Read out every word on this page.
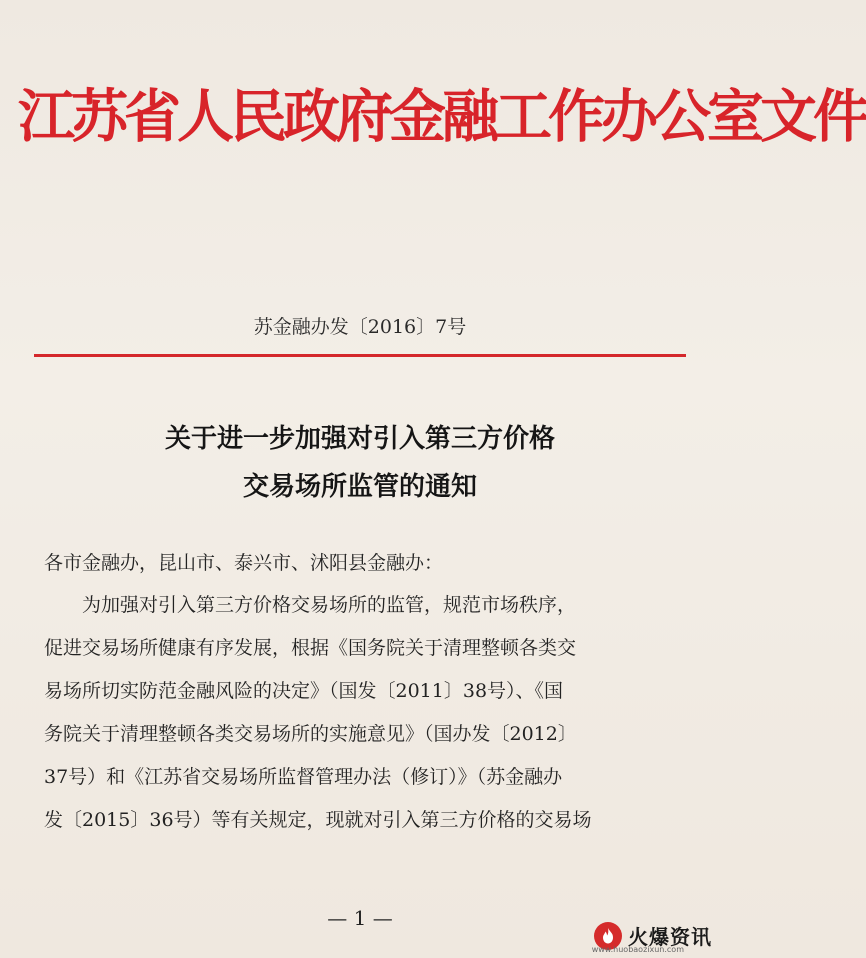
江苏省人民政府金融工作办公室文件
苏金融办发〔2016〕7号
关于进一步加强对引入第三方价格
交易场所监管的通知
各市金融办，昆山市、泰兴市、沭阳县金融办：
为加强对引入第三方价格交易场所的监管，规范市场秩序，
促进交易场所健康有序发展，根据《国务院关于清理整顿各类交
易场所切实防范金融风险的决定》（国发〔2011〕38号）、《国
务院关于清理整顿各类交易场所的实施意见》（国办发〔2012〕
37号）和《江苏省交易场所监督管理办法（修订）》（苏金融办
发〔2015〕36号）等有关规定，现就对引入第三方价格的交易场
— 1 —
火爆资讯
www.huobaozixun.com
